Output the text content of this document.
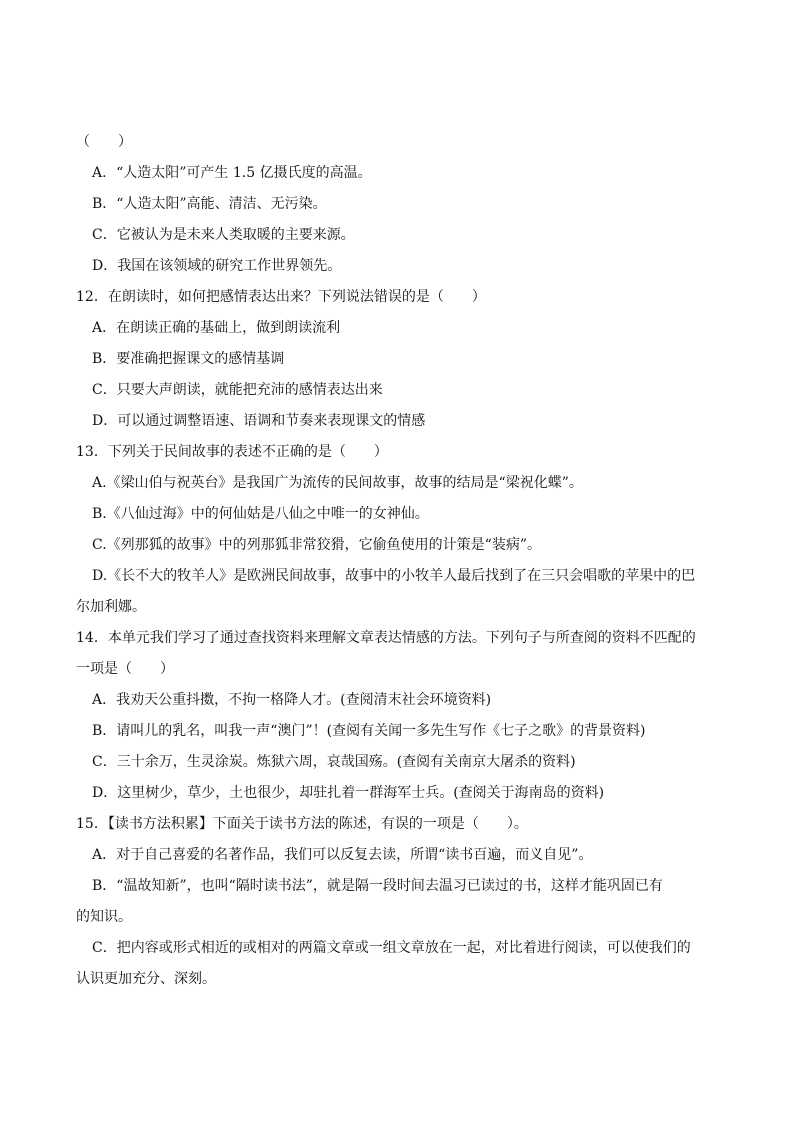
（　　）
A．“人造太阳”可产生 1.5 亿摄氏度的高温。
B．“人造太阳”高能、清洁、无污染。
C．它被认为是未来人类取暖的主要来源。
D．我国在该领域的研究工作世界领先。
12．在朗读时，如何把感情表达出来？下列说法错误的是（　　）
A．在朗读正确的基础上，做到朗读流利
B．要准确把握课文的感情基调
C．只要大声朗读，就能把充沛的感情表达出来
D．可以通过调整语速、语调和节奏来表现课文的情感
13．下列关于民间故事的表述不正确的是（　　）
A.《梁山伯与祝英台》是我国广为流传的民间故事，故事的结局是“梁祝化蝶”。
B.《八仙过海》中的何仙姑是八仙之中唯一的女神仙。
C.《列那狐的故事》中的列那狐非常狡猾，它偷鱼使用的计策是“装病”。
D.《长不大的牧羊人》是欧洲民间故事，故事中的小牧羊人最后找到了在三只会唱歌的苹果中的巴
尔加利娜。
14．本单元我们学习了通过查找资料来理解文章表达情感的方法。下列句子与所查阅的资料不匹配的
一项是（　　）
A．我劝天公重抖擞，不拘一格降人才。(查阅清末社会环境资料)
B．请叫儿的乳名，叫我一声“澳门”！(查阅有关闻一多先生写作《七子之歌》的背景资料)
C．三十余万，生灵涂炭。炼狱六周，哀哉国殇。(查阅有关南京大屠杀的资料)
D．这里树少，草少，土也很少，却驻扎着一群海军士兵。(查阅关于海南岛的资料)
15．【读书方法积累】下面关于读书方法的陈述，有误的一项是（　　）。
A．对于自己喜爱的名著作品，我们可以反复去读，所谓“读书百遍，而义自见”。
B．“温故知新”，也叫“隔时读书法”，就是隔一段时间去温习已读过的书，这样才能巩固已有
的知识。
C．把内容或形式相近的或相对的两篇文章或一组文章放在一起，对比着进行阅读，可以使我们的
认识更加充分、深刻。
